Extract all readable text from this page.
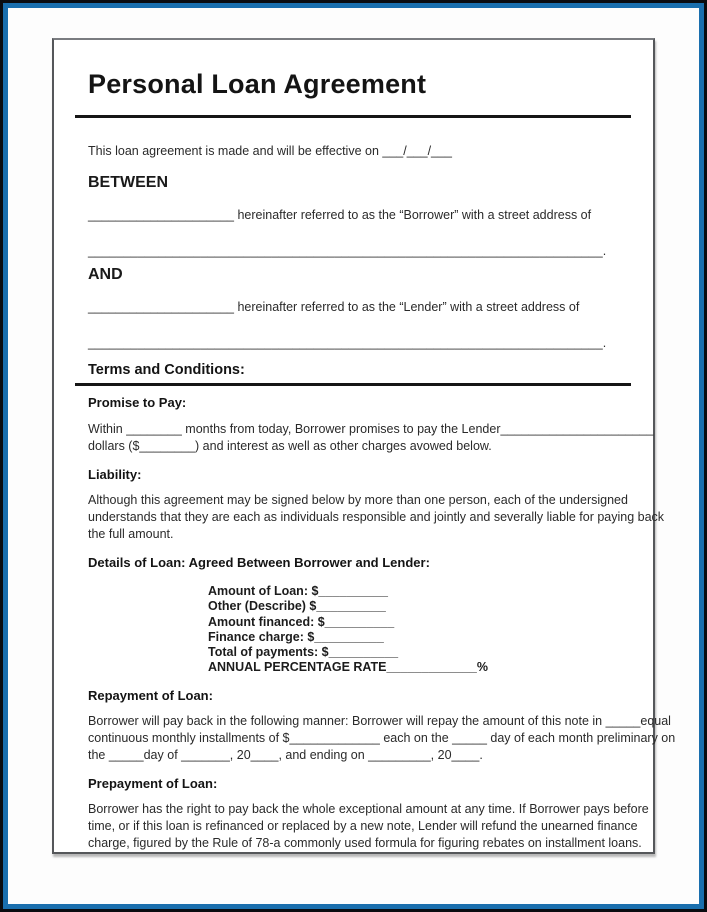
Personal Loan Agreement
This loan agreement is made and will be effective on ___/___/___
BETWEEN
_____________________ hereinafter referred to as the “Borrower” with a street address of
_________________________________________________________________________.
AND
_____________________ hereinafter referred to as the “Lender” with a street address of
_________________________________________________________________________.
Terms and Conditions:
Promise to Pay:
Within ________ months from today, Borrower promises to pay the Lender______________________
dollars ($________) and interest as well as other charges avowed below.
Liability:
Although this agreement may be signed below by more than one person, each of the undersigned
understands that they are each as individuals responsible and jointly and severally liable for paying back
the full amount.
Details of Loan: Agreed Between Borrower and Lender:
Amount of Loan: $__________
Other (Describe) $__________
Amount financed: $__________
Finance charge: $__________
Total of payments: $__________
ANNUAL PERCENTAGE RATE_____________%
Repayment of Loan:
Borrower will pay back in the following manner: Borrower will repay the amount of this note in _____equal
continuous monthly installments of $_____________ each on the _____ day of each month preliminary on
the _____day of _______, 20____, and ending on _________, 20____.
Prepayment of Loan:
Borrower has the right to pay back the whole exceptional amount at any time. If Borrower pays before
time, or if this loan is refinanced or replaced by a new note, Lender will refund the unearned finance
charge, figured by the Rule of 78-a commonly used formula for figuring rebates on installment loans.
